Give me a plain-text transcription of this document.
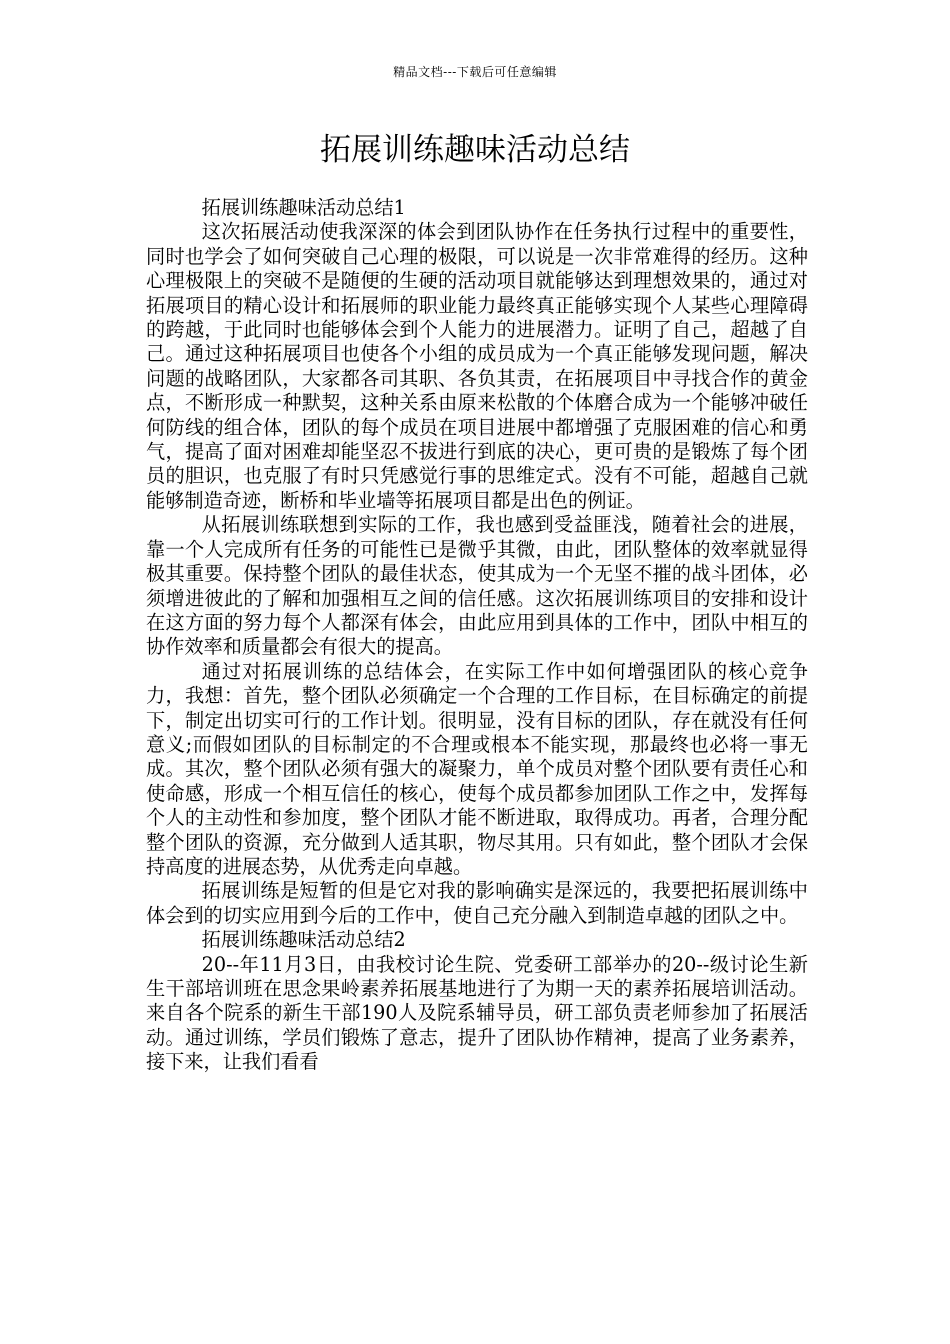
精品文档---下载后可任意编辑
拓展训练趣味活动总结

拓展训练趣味活动总结1

这次拓展活动使我深深的体会到团队协作在任务执行过程中的重要性，同时也学会了如何突破自己心理的极限，可以说是一次非常难得的经历。这种心理极限上的突破不是随便的生硬的活动项目就能够达到理想效果的，通过对拓展项目的精心设计和拓展师的职业能力最终真正能够实现个人某些心理障碍的跨越，于此同时也能够体会到个人能力的进展潜力。证明了自己，超越了自己。通过这种拓展项目也使各个小组的成员成为一个真正能够发现问题，解决问题的战略团队，大家都各司其职、各负其责，在拓展项目中寻找合作的黄金点，不断形成一种默契，这种关系由原来松散的个体磨合成为一个能够冲破任何防线的组合体，团队的每个成员在项目进展中都增强了克服困难的信心和勇气，提高了面对困难却能坚忍不拔进行到底的决心，更可贵的是锻炼了每个团员的胆识，也克服了有时只凭感觉行事的思维定式。没有不可能，超越自己就能够制造奇迹，断桥和毕业墙等拓展项目都是出色的例证。

从拓展训练联想到实际的工作，我也感到受益匪浅，随着社会的进展，靠一个人完成所有任务的可能性已是微乎其微，由此，团队整体的效率就显得极其重要。保持整个团队的最佳状态，使其成为一个无坚不摧的战斗团体，必须增进彼此的了解和加强相互之间的信任感。这次拓展训练项目的安排和设计在这方面的努力每个人都深有体会，由此应用到具体的工作中，团队中相互的协作效率和质量都会有很大的提高。

通过对拓展训练的总结体会，在实际工作中如何增强团队的核心竞争力，我想：首先，整个团队必须确定一个合理的工作目标，在目标确定的前提下，制定出切实可行的工作计划。很明显，没有目标的团队，存在就没有任何意义;而假如团队的目标制定的不合理或根本不能实现，那最终也必将一事无成。其次，整个团队必须有强大的凝聚力，单个成员对整个团队要有责任心和使命感，形成一个相互信任的核心，使每个成员都参加团队工作之中，发挥每个人的主动性和参加度，整个团队才能不断进取，取得成功。再者，合理分配整个团队的资源，充分做到人适其职，物尽其用。只有如此，整个团队才会保持高度的进展态势，从优秀走向卓越。

拓展训练是短暂的但是它对我的影响确实是深远的，我要把拓展训练中体会到的切实应用到今后的工作中，使自己充分融入到制造卓越的团队之中。

拓展训练趣味活动总结2

20--年11月3日，由我校讨论生院、党委研工部举办的20--级讨论生新生干部培训班在思念果岭素养拓展基地进行了为期一天的素养拓展培训活动。来自各个院系的新生干部190人及院系辅导员，研工部负责老师参加了拓展活动。通过训练，学员们锻炼了意志，提升了团队协作精神，提高了业务素养，接下来，让我们看看
